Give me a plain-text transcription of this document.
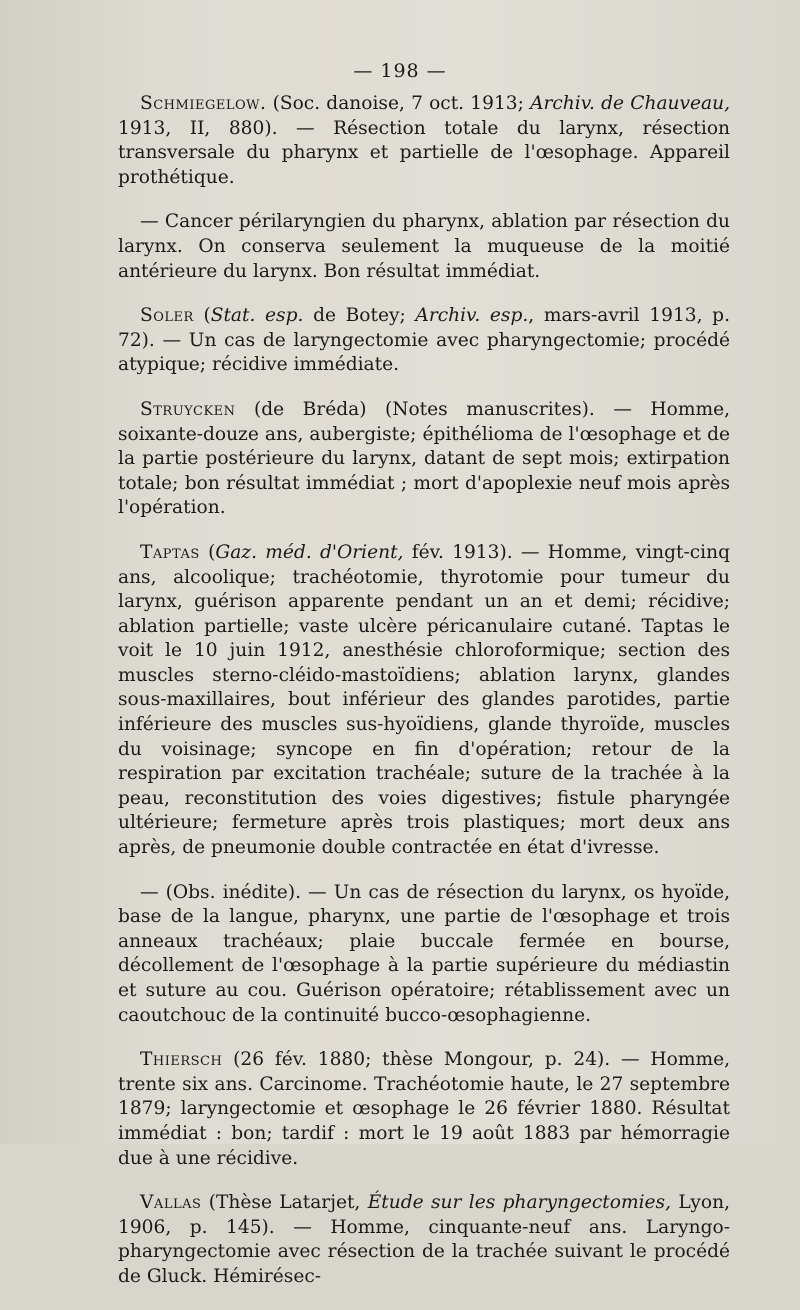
— 198 —

Schmiegelow. (Soc. danoise, 7 oct. 1913; Archiv. de Chauveau, 1913, II, 880). — Résection totale du larynx, résection transversale du pharynx et partielle de l'œsophage. Appareil prothétique.

— Cancer périlaryngien du pharynx, ablation par résection du larynx. On conserva seulement la muqueuse de la moitié antérieure du larynx. Bon résultat immédiat.

Soler (Stat. esp. de Botey; Archiv. esp., mars-avril 1913, p. 72). — Un cas de laryngectomie avec pharyngectomie; procédé atypique; récidive immédiate.

Struycken (de Bréda) (Notes manuscrites). — Homme, soixante-douze ans, aubergiste; épithélioma de l'œsophage et de la partie postérieure du larynx, datant de sept mois; extirpation totale; bon résultat immédiat ; mort d'apoplexie neuf mois après l'opération.

Taptas (Gaz. méd. d'Orient, fév. 1913). — Homme, vingt-cinq ans, alcoolique; trachéotomie, thyrotomie pour tumeur du larynx, guérison apparente pendant un an et demi; récidive; ablation partielle; vaste ulcère péricanulaire cutané. Taptas le voit le 10 juin 1912, anesthésie chloroformique; section des muscles sterno-cléido-mastoïdiens; ablation larynx, glandes sous-maxillaires, bout inférieur des glandes parotides, partie inférieure des muscles sus-hyoïdiens, glande thyroïde, muscles du voisinage; syncope en fin d'opération; retour de la respiration par excitation trachéale; suture de la trachée à la peau, reconstitution des voies digestives; fistule pharyngée ultérieure; fermeture après trois plastiques; mort deux ans après, de pneumonie double contractée en état d'ivresse.

— (Obs. inédite). — Un cas de résection du larynx, os hyoïde, base de la langue, pharynx, une partie de l'œsophage et trois anneaux trachéaux; plaie buccale fermée en bourse, décollement de l'œsophage à la partie supérieure du médiastin et suture au cou. Guérison opératoire; rétablissement avec un caoutchouc de la continuité bucco-œsophagienne.

Thiersch (26 fév. 1880; thèse Mongour, p. 24). — Homme, trente six ans. Carcinome. Trachéotomie haute, le 27 septembre 1879; laryngectomie et œsophage le 26 février 1880. Résultat immédiat : bon; tardif : mort le 19 août 1883 par hémorragie due à une récidive.

Vallas (Thèse Latarjet, Étude sur les pharyngectomies, Lyon, 1906, p. 145). — Homme, cinquante-neuf ans. Laryngo-pharyngectomie avec résection de la trachée suivant le procédé de Gluck. Hémirésec-
